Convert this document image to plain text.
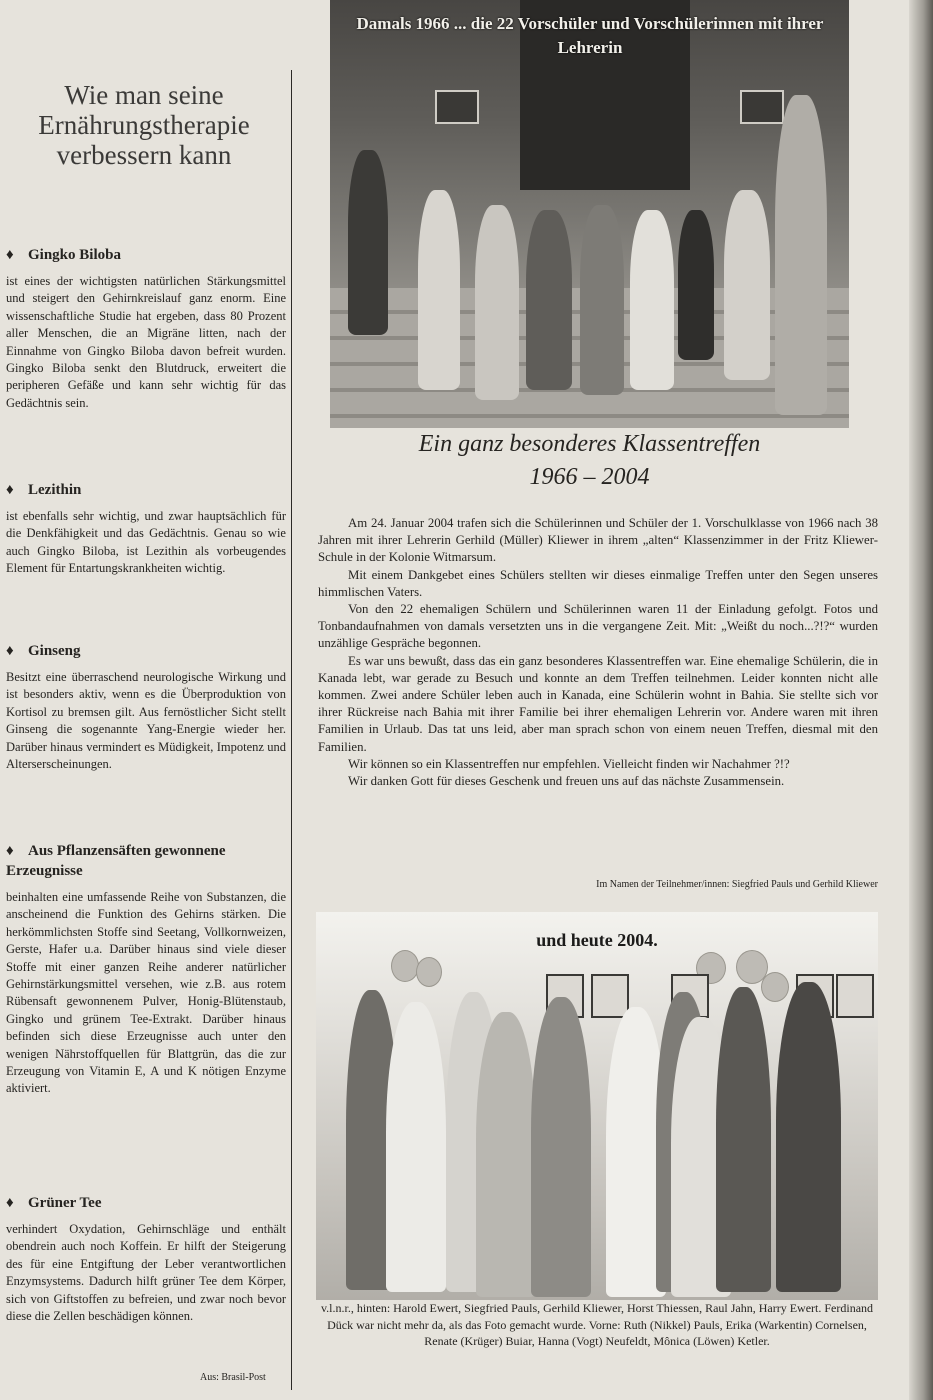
Wie man seine Ernährungstherapie verbessern kann
♦ Gingko Biloba

ist eines der wichtigsten natürlichen Stärkungsmittel und steigert den Gehirnkreislauf ganz enorm. Eine wissenschaftliche Studie hat ergeben, dass 80 Prozent aller Menschen, die an Migräne litten, nach der Einnahme von Gingko Biloba davon befreit wurden. Gingko Biloba senkt den Blutdruck, erweitert die peripheren Gefäße und kann sehr wichtig für das Gedächtnis sein.

♦ Lezithin

ist ebenfalls sehr wichtig, und zwar hauptsächlich für die Denkfähigkeit und das Gedächtnis. Genau so wie auch Gingko Biloba, ist Lezithin als vorbeugendes Element für Entartungskrankheiten wichtig.

♦ Ginseng

Besitzt eine überraschend neurologische Wirkung und ist besonders aktiv, wenn es die Überproduktion von Kortisol zu bremsen gilt. Aus fernöstlicher Sicht stellt Ginseng die sogenannte Yang-Energie wieder her. Darüber hinaus vermindert es Müdigkeit, Impotenz und Alterserscheinungen.

♦ Aus Pflanzensäften gewonnene Erzeugnisse

beinhalten eine umfassende Reihe von Substanzen, die anscheinend die Funktion des Gehirns stärken. Die herkömmlichsten Stoffe sind Seetang, Vollkornweizen, Gerste, Hafer u.a. Darüber hinaus sind viele dieser Stoffe mit einer ganzen Reihe anderer natürlicher Gehirnstärkungsmittel versehen, wie z.B. aus rotem Rübensaft gewonnenem Pulver, Honig-Blütenstaub, Gingko und grünem Tee-Extrakt. Darüber hinaus befinden sich diese Erzeugnisse auch unter den wenigen Nährstoffquellen für Blattgrün, das die zur Erzeugung von Vitamin E, A und K nötigen Enzyme aktiviert.

♦ Grüner Tee

verhindert Oxydation, Gehirnschläge und enthält obendrein auch noch Koffein. Er hilft der Steigerung des für eine Entgiftung der Leber verantwortlichen Enzymsystems. Dadurch hilft grüner Tee dem Körper, sich von Giftstoffen zu befreien, und zwar noch bevor diese die Zellen beschädigen können.

Aus: Brasil-Post
Damals 1966 ... die 22 Vorschüler und Vorschülerinnen mit ihrer Lehrerin
Ein ganz besonderes Klassentreffen
1966 – 2004

Am 24. Januar 2004 trafen sich die Schülerinnen und Schüler der 1. Vorschulklasse von 1966 nach 38 Jahren mit ihrer Lehrerin Gerhild (Müller) Kliewer in ihrem „alten“ Klassenzimmer in der Fritz Kliewer-Schule in der Kolonie Witmarsum.

Mit einem Dankgebet eines Schülers stellten wir dieses einmalige Treffen unter den Segen unseres himmlischen Vaters.

Von den 22 ehemaligen Schülern und Schülerinnen waren 11 der Einladung gefolgt. Fotos und Tonbandaufnahmen von damals versetzten uns in die vergangene Zeit. Mit: „Weißt du noch...?!?“ wurden unzählige Gespräche begonnen.

Es war uns bewußt, dass das ein ganz besonderes Klassentreffen war. Eine ehemalige Schülerin, die in Kanada lebt, war gerade zu Besuch und konnte an dem Treffen teilnehmen. Leider konnten nicht alle kommen. Zwei andere Schüler leben auch in Kanada, eine Schülerin wohnt in Bahia. Sie stellte sich vor ihrer Rückreise nach Bahia mit ihrer Familie bei ihrer ehemaligen Lehrerin vor. Andere waren mit ihren Familien in Urlaub. Das tat uns leid, aber man sprach schon von einem neuen Treffen, diesmal mit den Familien.

Wir können so ein Klassentreffen nur empfehlen. Vielleicht finden wir Nachahmer ?!?

Wir danken Gott für dieses Geschenk und freuen uns auf das nächste Zusammensein.

Im Namen der Teilnehmer/innen: Siegfried Pauls und Gerhild Kliewer
und heute 2004.
v.l.n.r., hinten: Harold Ewert, Siegfried Pauls, Gerhild Kliewer, Horst Thiessen, Raul Jahn, Harry Ewert. Ferdinand Dück war nicht mehr da, als das Foto gemacht wurde. Vorne: Ruth (Nikkel) Pauls, Erika (Warkentin) Cornelsen, Renate (Krüger) Buiar, Hanna (Vogt) Neufeldt, Mônica (Löwen) Ketler.
